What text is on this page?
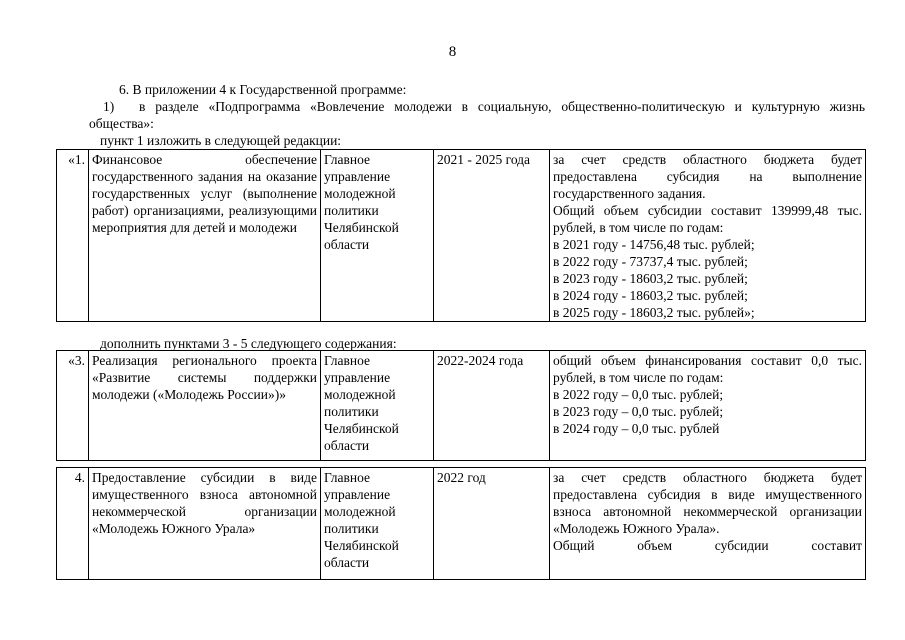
8
6. В приложении 4 к Государственной программе:
1) в разделе «Подпрограмма «Вовлечение молодежи в социальную, общественно-политическую и культурную жизнь общества»:
пункт 1 изложить в следующей редакции:
«1.	Финансовое обеспечение государственного задания на оказание государственных услуг (выполнение работ) организациями, реализующими мероприятия для детей и молодежи	Главное управление молодежной политики Челябинской области	2021 - 2025 года	за счет средств областного бюджета будет предоставлена субсидия на выполнение государственного задания.
Общий объем субсидии составит 139999,48 тыс. рублей, в том числе по годам:
в 2021 году - 14756,48 тыс. рублей;
в 2022 году - 73737,4 тыс. рублей;
в 2023 году - 18603,2 тыс. рублей;
в 2024 году - 18603,2 тыс. рублей;
в 2025 году - 18603,2 тыс. рублей»;
дополнить пунктами 3 - 5 следующего содержания:
«3.	Реализация регионального проекта «Развитие системы поддержки молодежи («Молодежь России»)»	Главное управление молодежной политики Челябинской области	2022-2024 года	общий объем финансирования составит 0,0 тыс. рублей, в том числе по годам:
в 2022 году – 0,0 тыс. рублей;
в 2023 году – 0,0 тыс. рублей;
в 2024 году – 0,0 тыс. рублей
4.	Предоставление субсидии в виде имущественного взноса автономной некоммерческой организации «Молодежь Южного Урала»	Главное управление молодежной политики Челябинской области	2022 год	за счет средств областного бюджета будет предоставлена субсидия в виде имущественного взноса автономной некоммерческой организации «Молодежь Южного Урала».
Общий объем субсидии составит
